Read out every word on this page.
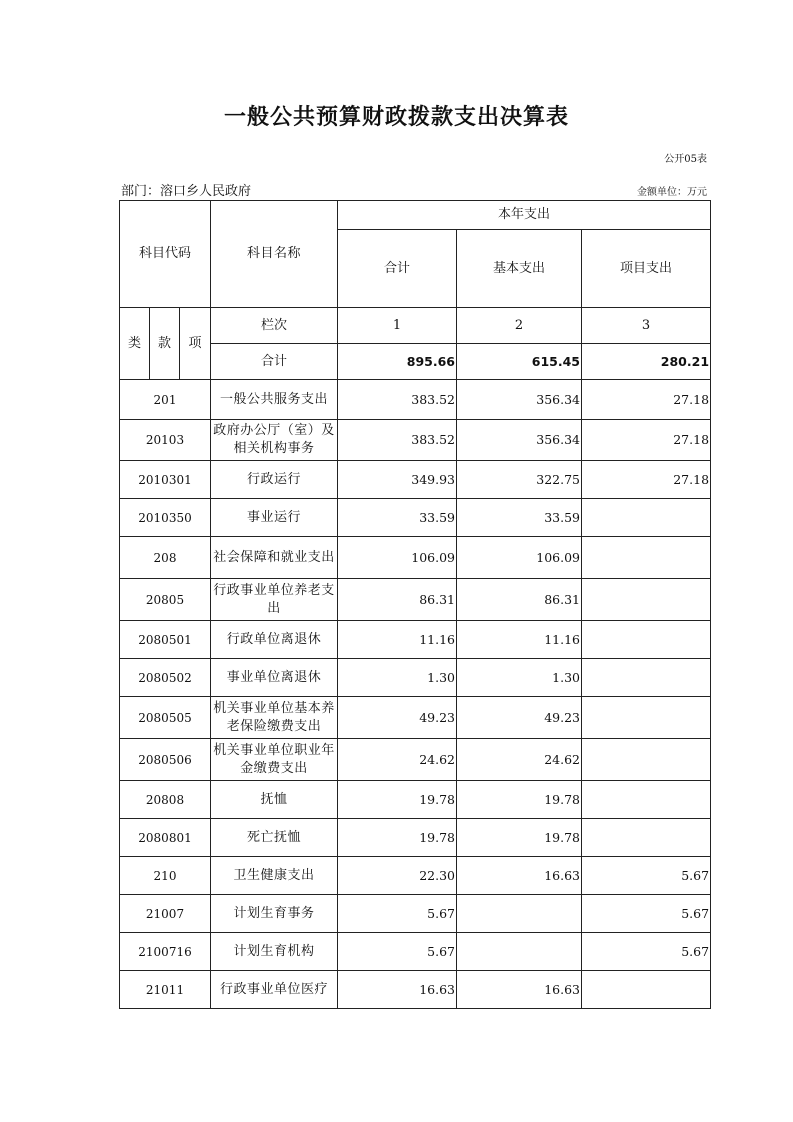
一般公共预算财政拨款支出决算表
公开05表
部门：溶口乡人民政府	金额单位：万元
科目代码			科目名称	本年支出		
				合计	基本支出	项目支出
类	款	项	栏次	1	2	3
			合计	895.66	615.45	280.21
201			一般公共服务支出	383.52	356.34	27.18
20103			政府办公厅（室）及相关机构事务	383.52	356.34	27.18
2010301			行政运行	349.93	322.75	27.18
2010350			事业运行	33.59	33.59	
208			社会保障和就业支出	106.09	106.09	
20805			行政事业单位养老支出	86.31	86.31	
2080501			行政单位离退休	11.16	11.16	
2080502			事业单位离退休	1.30	1.30	
2080505			机关事业单位基本养老保险缴费支出	49.23	49.23	
2080506			机关事业单位职业年金缴费支出	24.62	24.62	
20808			抚恤	19.78	19.78	
2080801			死亡抚恤	19.78	19.78	
210			卫生健康支出	22.30	16.63	5.67
21007			计划生育事务	5.67		5.67
2100716			计划生育机构	5.67		5.67
21011			行政事业单位医疗	16.63	16.63	
